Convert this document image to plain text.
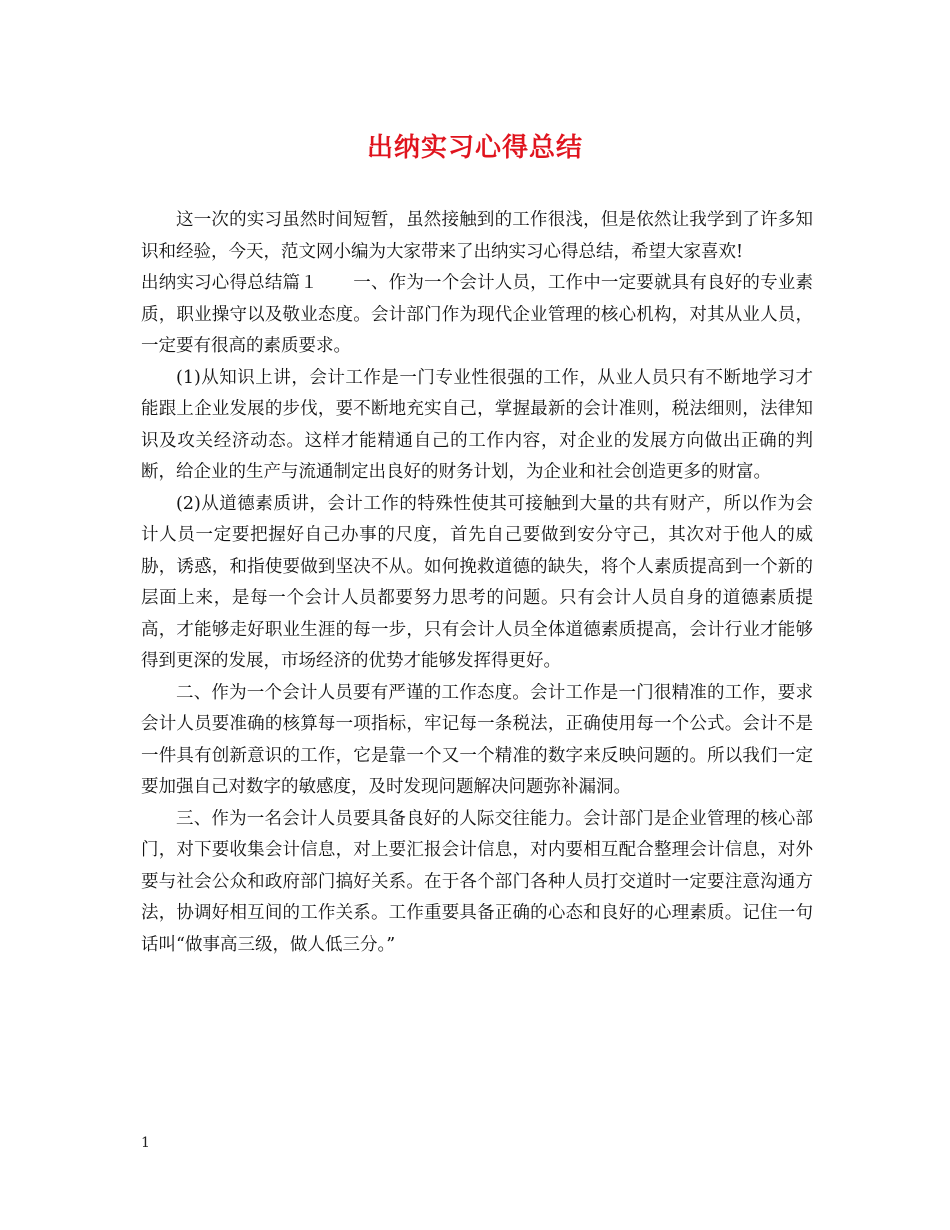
出纳实习心得总结

这一次的实习虽然时间短暂，虽然接触到的工作很浅，但是依然让我学到了许多知识和经验，今天，范文网小编为大家带来了出纳实习心得总结，希望大家喜欢!

出纳实习心得总结篇１　　一、作为一个会计人员，工作中一定要就具有良好的专业素质，职业操守以及敬业态度。会计部门作为现代企业管理的核心机构，对其从业人员，一定要有很高的素质要求。

(1)从知识上讲，会计工作是一门专业性很强的工作，从业人员只有不断地学习才能跟上企业发展的步伐，要不断地充实自己，掌握最新的会计准则，税法细则，法律知识及攻关经济动态。这样才能精通自己的工作内容，对企业的发展方向做出正确的判断，给企业的生产与流通制定出良好的财务计划，为企业和社会创造更多的财富。

(2)从道德素质讲，会计工作的特殊性使其可接触到大量的共有财产，所以作为会计人员一定要把握好自己办事的尺度，首先自己要做到安分守己，其次对于他人的威胁，诱惑，和指使要做到坚决不从。如何挽救道德的缺失，将个人素质提高到一个新的层面上来，是每一个会计人员都要努力思考的问题。只有会计人员自身的道德素质提高，才能够走好职业生涯的每一步，只有会计人员全体道德素质提高，会计行业才能够得到更深的发展，市场经济的优势才能够发挥得更好。

二、作为一个会计人员要有严谨的工作态度。会计工作是一门很精准的工作，要求会计人员要准确的核算每一项指标，牢记每一条税法，正确使用每一个公式。会计不是一件具有创新意识的工作，它是靠一个又一个精准的数字来反映问题的。所以我们一定要加强自己对数字的敏感度，及时发现问题解决问题弥补漏洞。

三、作为一名会计人员要具备良好的人际交往能力。会计部门是企业管理的核心部门，对下要收集会计信息，对上要汇报会计信息，对内要相互配合整理会计信息，对外要与社会公众和政府部门搞好关系。在于各个部门各种人员打交道时一定要注意沟通方法，协调好相互间的工作关系。工作重要具备正确的心态和良好的心理素质。记住一句话叫“做事高三级，做人低三分。”

1
